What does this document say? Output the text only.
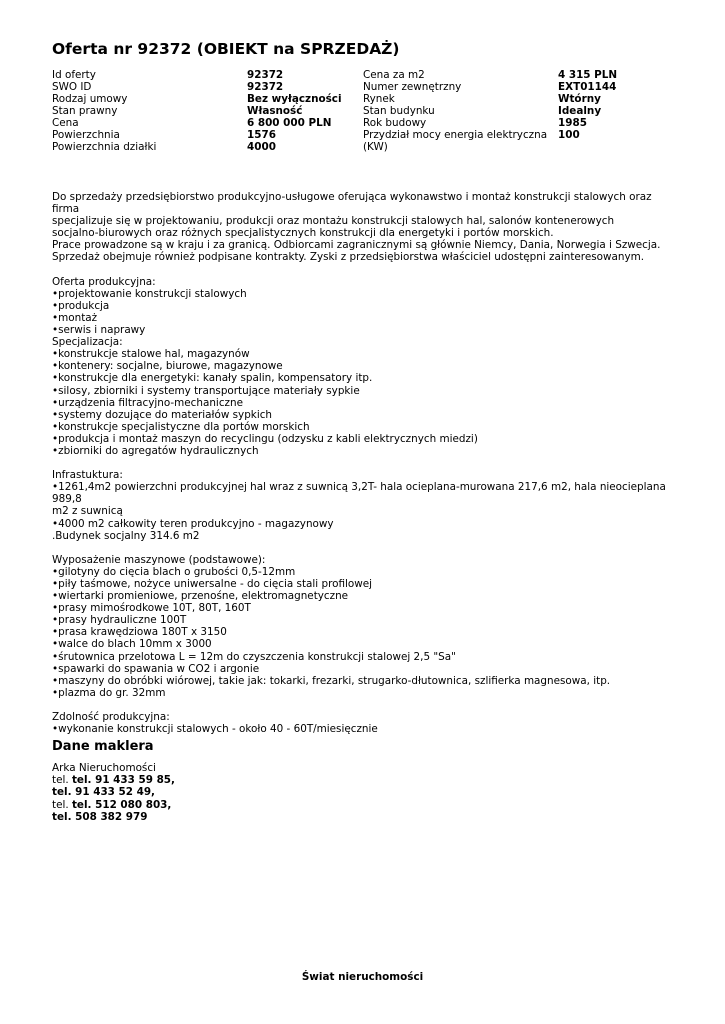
Oferta nr 92372 (OBIEKT na SPRZEDAŻ)
Id oferty	92372	Cena za m2	4 315 PLN
SWO ID	92372	Numer zewnętrzny	EXT01144
Rodzaj umowy	Bez wyłączności	Rynek	Wtórny
Stan prawny	Własność	Stan budynku	Idealny
Cena	6 800 000 PLN	Rok budowy	1985
Powierzchnia	1576	Przydział mocy energia elektryczna	100
Powierzchnia działki	4000	(KW)

Do sprzedaży przedsiębiorstwo produkcyjno-usługowe oferująca wykonawstwo i montaż konstrukcji stalowych oraz firma

specjalizuje się w projektowaniu, produkcji oraz montażu konstrukcji stalowych hal, salonów kontenerowych

socjalno-biurowych oraz różnych specjalistycznych konstrukcji dla energetyki i portów morskich.

Prace prowadzone są w kraju i za granicą. Odbiorcami zagranicznymi są głównie Niemcy, Dania, Norwegia i Szwecja.

Sprzedaż obejmuje również podpisane kontrakty. Zyski z przedsiębiorstwa właściciel udostępni zainteresowanym.

Oferta produkcyjna:

•projektowanie konstrukcji stalowych

•produkcja

•montaż

•serwis i naprawy

Specjalizacja:

•konstrukcje stalowe hal, magazynów

•kontenery: socjalne, biurowe, magazynowe

•konstrukcje dla energetyki: kanały spalin, kompensatory itp.

•silosy, zbiorniki i systemy transportujące materiały sypkie

•urządzenia filtracyjno-mechaniczne

•systemy dozujące do materiałów sypkich

•konstrukcje specjalistyczne dla portów morskich

•produkcja i montaż maszyn do recyclingu (odzysku z kabli elektrycznych miedzi)

•zbiorniki do agregatów hydraulicznych

Infrastuktura:

•1261,4m2 powierzchni produkcyjnej hal wraz z suwnicą 3,2T- hala ocieplana-murowana 217,6 m2, hala nieocieplana 989,8

m2 z suwnicą

•4000 m2 całkowity teren produkcyjno - magazynowy

.Budynek socjalny 314.6 m2

Wyposażenie maszynowe (podstawowe):

•gilotyny do cięcia blach o grubości 0,5-12mm

•piły taśmowe, nożyce uniwersalne - do cięcia stali profilowej

•wiertarki promieniowe, przenośne, elektromagnetyczne

•prasy mimośrodkowe 10T, 80T, 160T

•prasy hydrauliczne 100T

•prasa krawędziowa 180T x 3150

•walce do blach 10mm x 3000

•śrutownica przelotowa L = 12m do czyszczenia konstrukcji stalowej 2,5 "Sa"

•spawarki do spawania w CO2 i argonie

•maszyny do obróbki wiórowej, takie jak: tokarki, frezarki, strugarko-dłutownica, szlifierka magnesowa, itp.

•plazma do gr. 32mm

Zdolność produkcyjna:

•wykonanie konstrukcji stalowych - około 40 - 60T/miesięcznie

Dane maklera
Arka Nieruchomości
tel. tel. 91 433 59 85,
tel. 91 433 52 49,
tel. tel. 512 080 803,
tel. 508 382 979
Świat nieruchomości
